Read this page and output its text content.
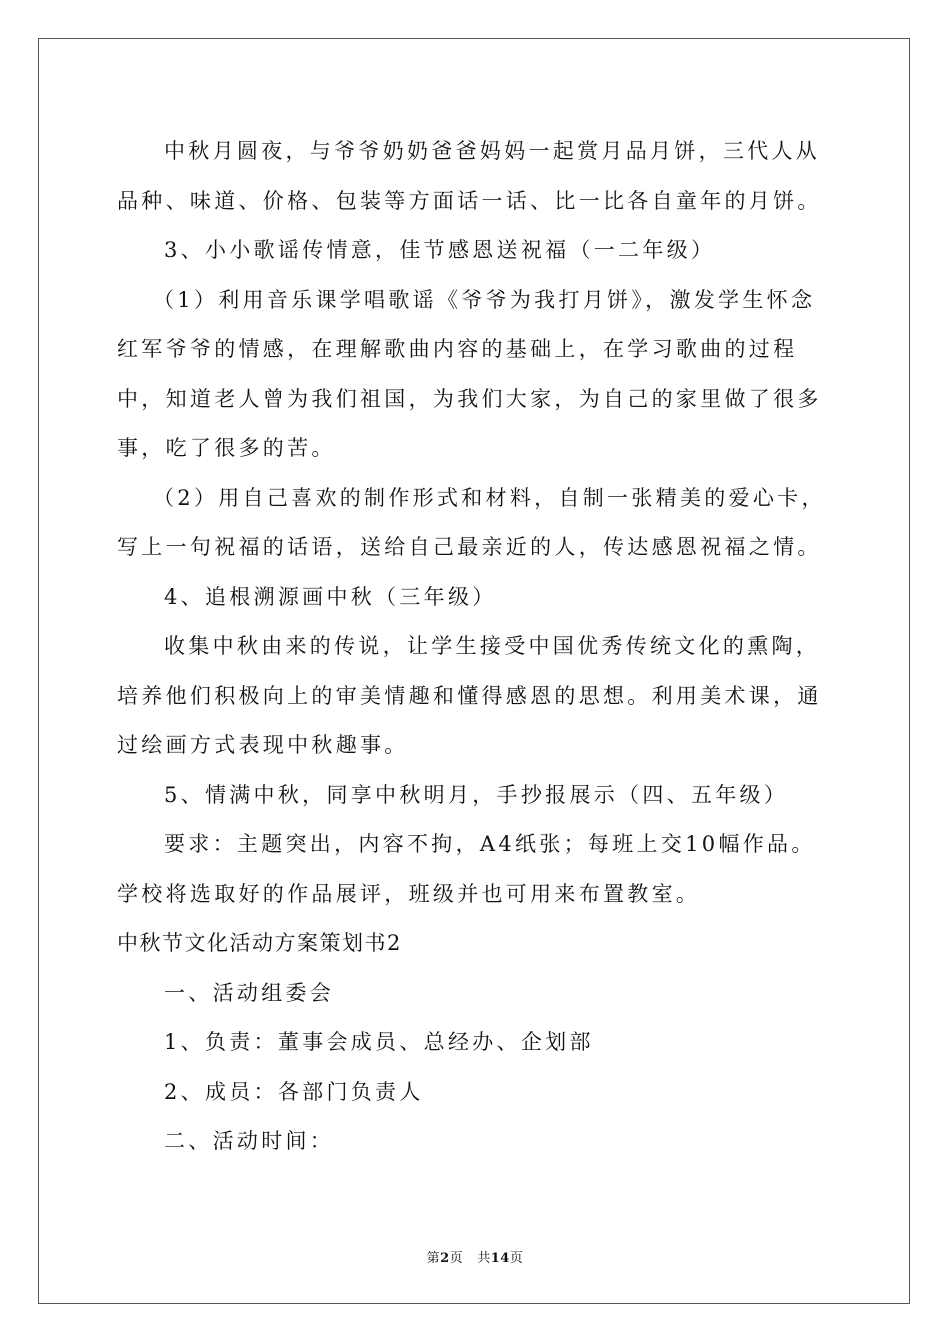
中秋月圆夜，与爷爷奶奶爸爸妈妈一起赏月品月饼，三代人从品种、味道、价格、包装等方面话一话、比一比各自童年的月饼。

3、小小歌谣传情意，佳节感恩送祝福（一二年级）

（1）利用音乐课学唱歌谣《爷爷为我打月饼》，激发学生怀念红军爷爷的情感，在理解歌曲内容的基础上，在学习歌曲的过程中，知道老人曾为我们祖国，为我们大家，为自己的家里做了很多事，吃了很多的苦。

（2）用自己喜欢的制作形式和材料，自制一张精美的爱心卡，写上一句祝福的话语，送给自己最亲近的人，传达感恩祝福之情。

4、追根溯源画中秋（三年级）

收集中秋由来的传说，让学生接受中国优秀传统文化的熏陶，培养他们积极向上的审美情趣和懂得感恩的思想。利用美术课，通过绘画方式表现中秋趣事。

5、情满中秋，同享中秋明月，手抄报展示（四、五年级）

要求：主题突出，内容不拘，A4纸张；每班上交10幅作品。学校将选取好的作品展评，班级并也可用来布置教室。

中秋节文化活动方案策划书2

一、活动组委会

1、负责：董事会成员、总经办、企划部

2、成员：各部门负责人

二、活动时间：

第2页 共14页
